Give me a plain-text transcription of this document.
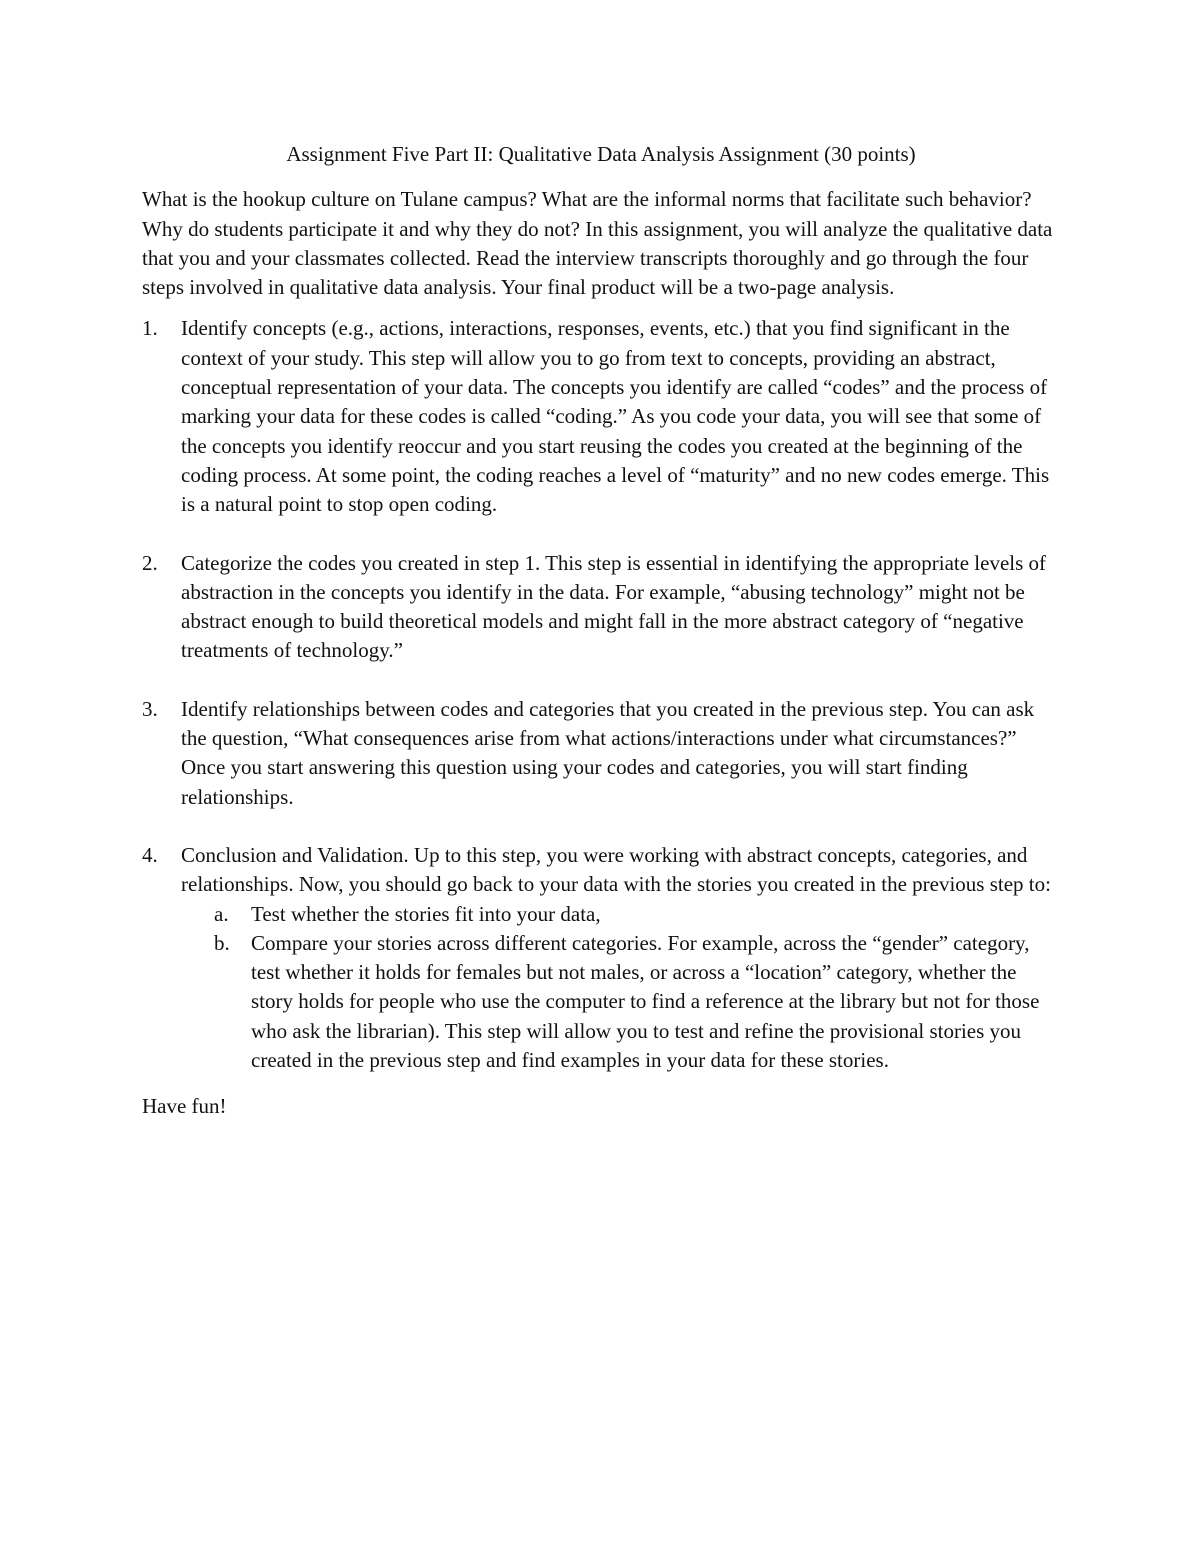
Assignment Five Part II: Qualitative Data Analysis Assignment (30 points)

What is the hookup culture on Tulane campus? What are the informal norms that facilitate such behavior? Why do students participate it and why they do not? In this assignment, you will analyze the qualitative data that you and your classmates collected. Read the interview transcripts thoroughly and go through the four steps involved in qualitative data analysis. Your final product will be a two-page analysis.

1. Identify concepts (e.g., actions, interactions, responses, events, etc.) that you find significant in the context of your study. This step will allow you to go from text to concepts, providing an abstract, conceptual representation of your data. The concepts you identify are called “codes” and the process of marking your data for these codes is called “coding.” As you code your data, you will see that some of the concepts you identify reoccur and you start reusing the codes you created at the beginning of the coding process. At some point, the coding reaches a level of “maturity” and no new codes emerge. This is a natural point to stop open coding.
2. Categorize the codes you created in step 1. This step is essential in identifying the appropriate levels of abstraction in the concepts you identify in the data. For example, “abusing technology” might not be abstract enough to build theoretical models and might fall in the more abstract category of “negative treatments of technology.”
3. Identify relationships between codes and categories that you created in the previous step. You can ask the question, “What consequences arise from what actions/interactions under what circumstances?” Once you start answering this question using your codes and categories, you will start finding relationships.
4. Conclusion and Validation. Up to this step, you were working with abstract concepts, categories, and relationships. Now, you should go back to your data with the stories you created in the previous step to:
a. Test whether the stories fit into your data,
b. Compare your stories across different categories. For example, across the “gender” category, test whether it holds for females but not males, or across a “location” category, whether the story holds for people who use the computer to find a reference at the library but not for those who ask the librarian). This step will allow you to test and refine the provisional stories you created in the previous step and find examples in your data for these stories.

Have fun!
